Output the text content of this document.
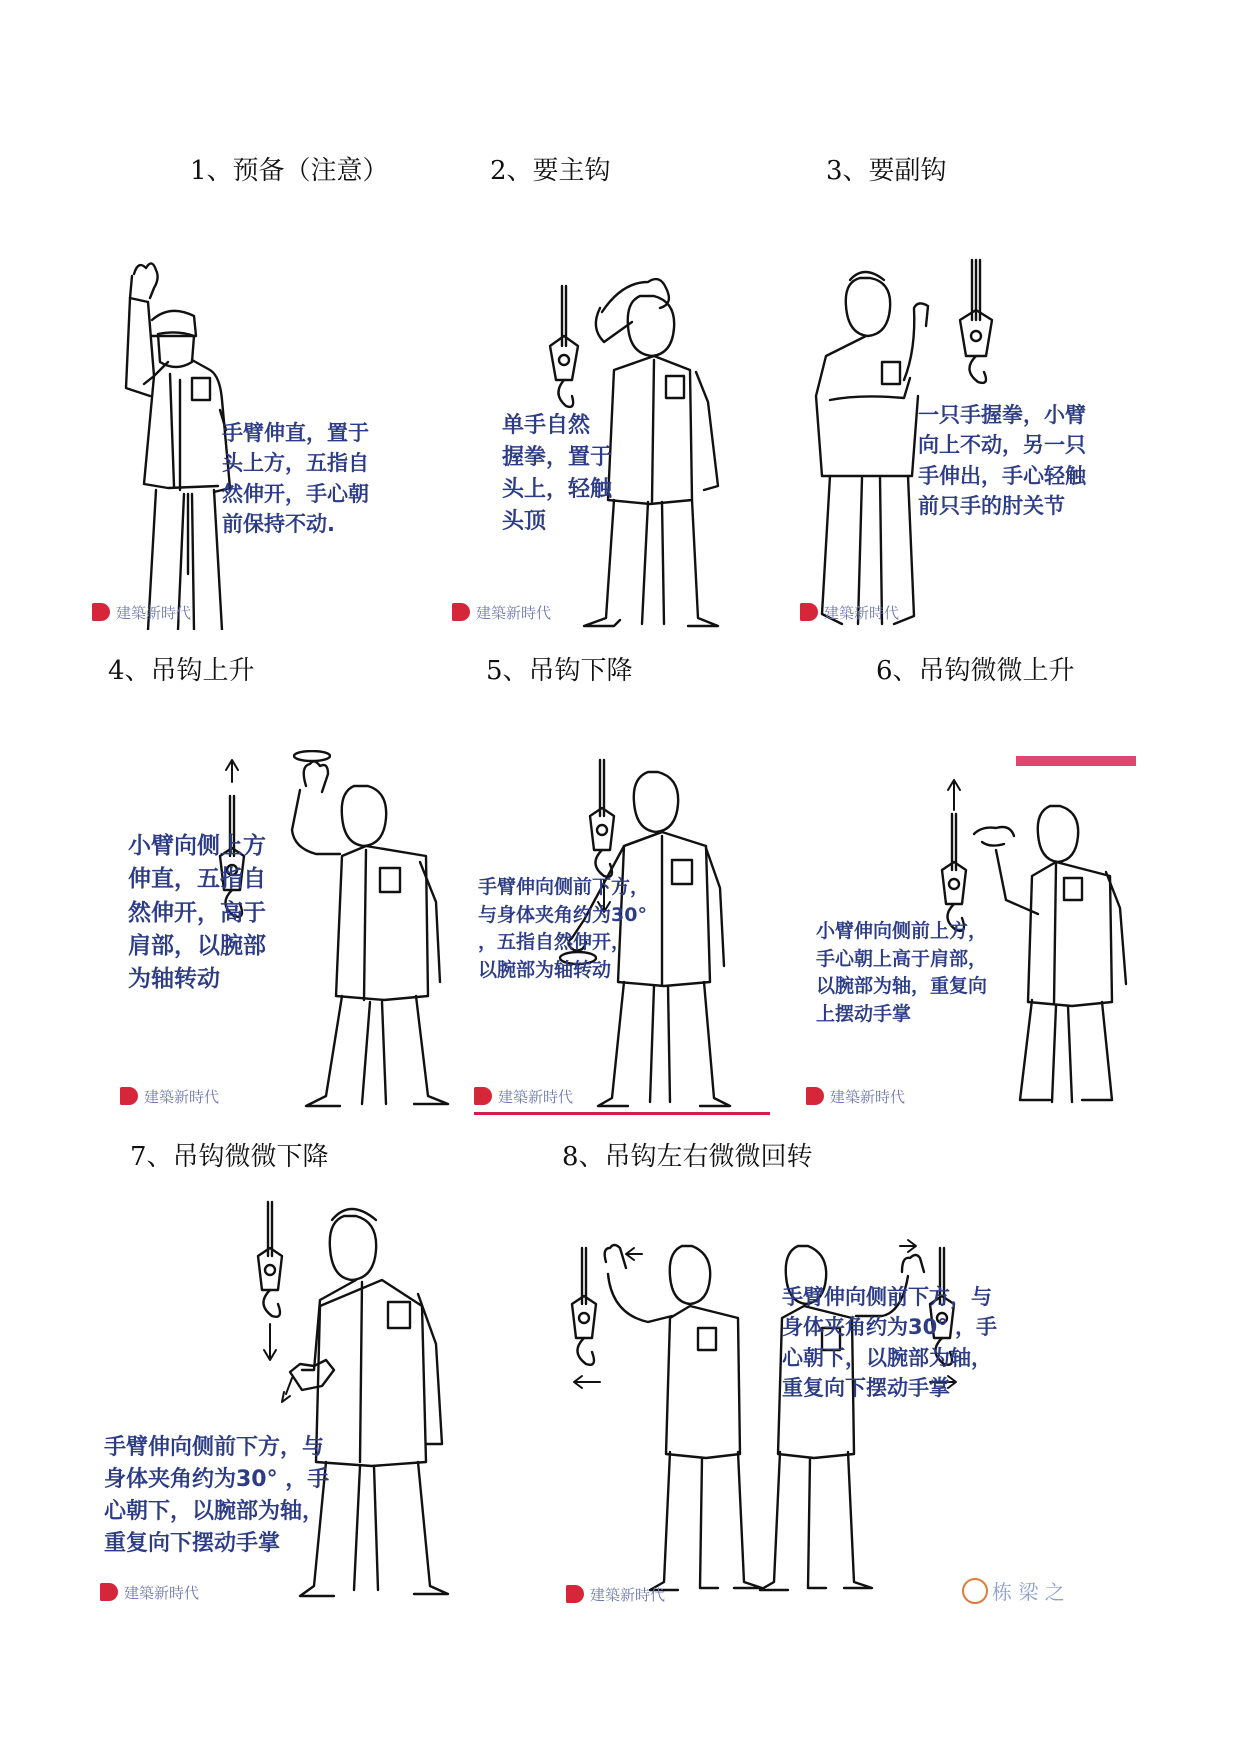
1、预备（注意）	2、要主钩	3、要副钩
4、吊钩上升	5、吊钩下降	6、吊钩微微上升
7、吊钩微微下降	8、吊钩左右微微回转
手臂伸直，置于
头上方，五指自
然伸开，手心朝
前保持不动.
建築新時代
单手自然
握拳，置于
头上，轻触
头顶
建築新時代
一只手握拳，小臂
向上不动，另一只
手伸出，手心轻触
前只手的肘关节
建築新時代
小臂向侧上方
伸直，五指自
然伸开，高于
肩部，以腕部
为轴转动
建築新時代
手臂伸向侧前下方，
与身体夹角约为30°
，五指自然伸开，
以腕部为轴转动
建築新時代
小臂伸向侧前上方，
手心朝上高于肩部，
以腕部为轴，重复向
上摆动手掌
建築新時代
手臂伸向侧前下方，与
身体夹角约为30° ，手
心朝下，以腕部为轴，
重复向下摆动手掌
建築新時代
手臂伸向侧前下方，与
身体夹角约为30° ，手
心朝下，以腕部为轴，
重复向下摆动手掌
建築新時代	栋 梁 之
